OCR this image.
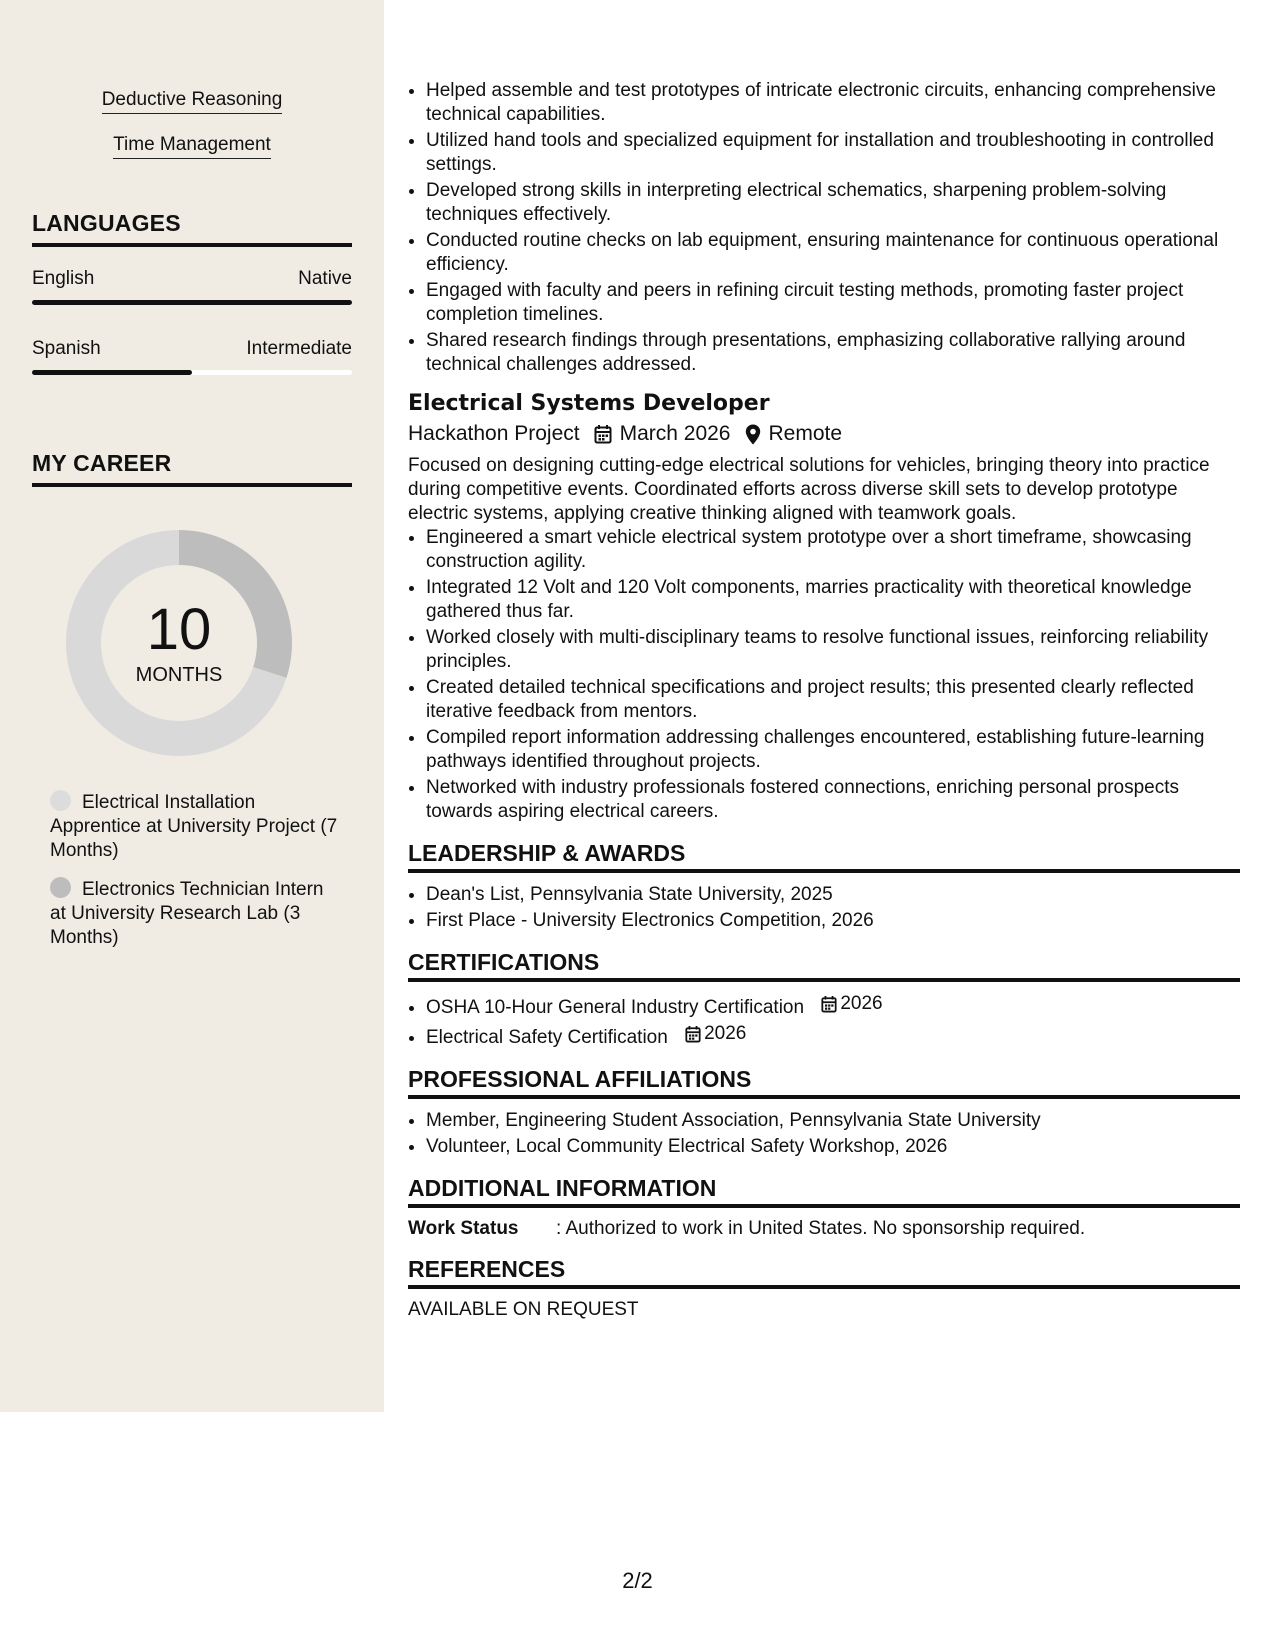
Deductive Reasoning
Time Management
LANGUAGES
English	Native
Spanish	Intermediate
MY CAREER
10
MONTHS
Electrical Installation Apprentice at University Project (7 Months)
Electronics Technician Intern at University Research Lab (3 Months)
• Helped assemble and test prototypes of intricate electronic circuits, enhancing comprehensive technical capabilities.
• Utilized hand tools and specialized equipment for installation and troubleshooting in controlled settings.
• Developed strong skills in interpreting electrical schematics, sharpening problem-solving techniques effectively.
• Conducted routine checks on lab equipment, ensuring maintenance for continuous operational efficiency.
• Engaged with faculty and peers in refining circuit testing methods, promoting faster project completion timelines.
• Shared research findings through presentations, emphasizing collaborative rallying around technical challenges addressed.
Electrical Systems Developer
Hackathon Project March 2026 Remote
Focused on designing cutting-edge electrical solutions for vehicles, bringing theory into practice during competitive events. Coordinated efforts across diverse skill sets to develop prototype electric systems, applying creative thinking aligned with teamwork goals.
• Engineered a smart vehicle electrical system prototype over a short timeframe, showcasing construction agility.
• Integrated 12 Volt and 120 Volt components, marries practicality with theoretical knowledge gathered thus far.
• Worked closely with multi-disciplinary teams to resolve functional issues, reinforcing reliability principles.
• Created detailed technical specifications and project results; this presented clearly reflected iterative feedback from mentors.
• Compiled report information addressing challenges encountered, establishing future-learning pathways identified throughout projects.
• Networked with industry professionals fostered connections, enriching personal prospects towards aspiring electrical careers.
LEADERSHIP & AWARDS
• Dean's List, Pennsylvania State University, 2025
• First Place - University Electronics Competition, 2026
CERTIFICATIONS
• OSHA 10-Hour General Industry Certification 2026
• Electrical Safety Certification 2026
PROFESSIONAL AFFILIATIONS
• Member, Engineering Student Association, Pennsylvania State University
• Volunteer, Local Community Electrical Safety Workshop, 2026
ADDITIONAL INFORMATION
Work Status	: Authorized to work in United States. No sponsorship required.
REFERENCES
AVAILABLE ON REQUEST
2/2
